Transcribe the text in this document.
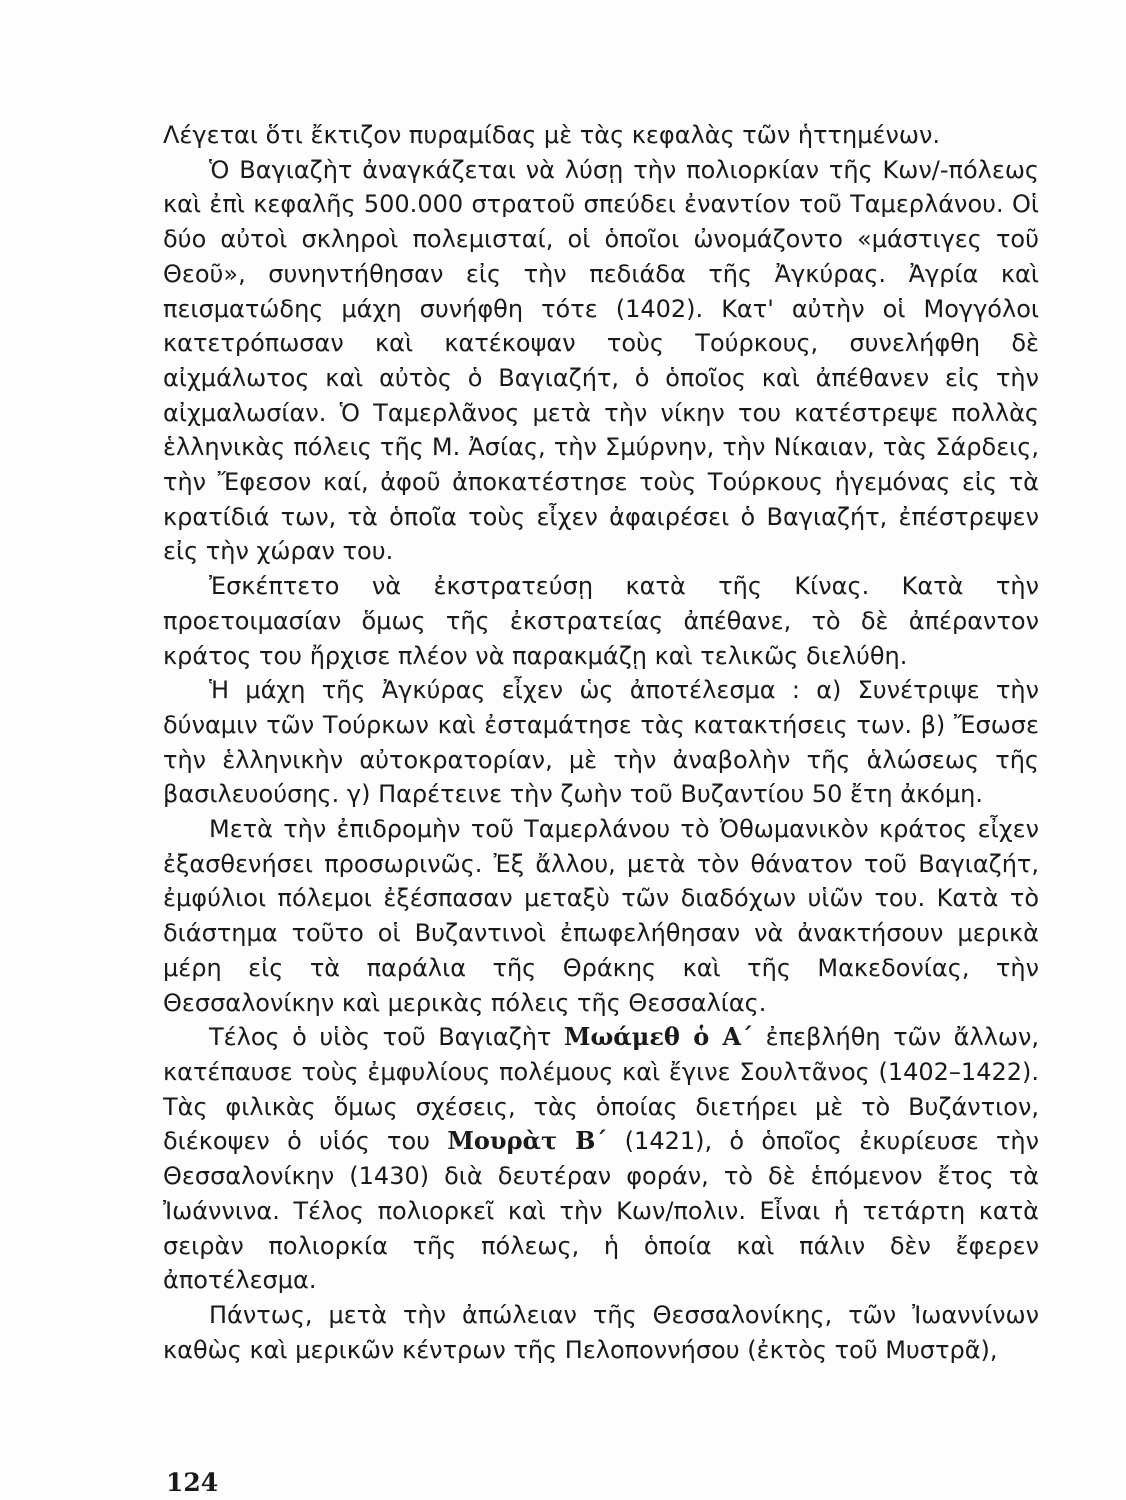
Λέγεται ὅτι ἔκτιζον πυραμίδας μὲ τὰς κεφαλὰς τῶν ἡττημένων.

Ὁ Βαγιαζὴτ ἀναγκάζεται νὰ λύσῃ τὴν πολιορκίαν τῆς Κων/-πόλεως καὶ ἐπὶ κεφαλῆς 500.000 στρατοῦ σπεύδει ἐναντίον τοῦ Ταμερλάνου. Οἱ δύο αὐτοὶ σκληροὶ πολεμισταί, οἱ ὁποῖοι ὠνομάζοντο «μάστιγες τοῦ Θεοῦ», συνηντήθησαν εἰς τὴν πεδιάδα τῆς Ἀγκύρας. Ἀγρία καὶ πεισματώδης μάχη συνήφθη τότε (1402). Κατ' αὐτὴν οἱ Μογγόλοι κατετρόπωσαν καὶ κατέκοψαν τοὺς Τούρκους, συνελήφθη δὲ αἰχμάλωτος καὶ αὐτὸς ὁ Βαγιαζήτ, ὁ ὁποῖος καὶ ἀπέθανεν εἰς τὴν αἰχμαλωσίαν. Ὁ Ταμερλᾶνος μετὰ τὴν νίκην του κατέστρεψε πολλὰς ἑλληνικὰς πόλεις τῆς Μ. Ἀσίας, τὴν Σμύρνην, τὴν Νίκαιαν, τὰς Σάρδεις, τὴν Ἔφεσον καί, ἀφοῦ ἀποκατέστησε τοὺς Τούρκους ἡγεμόνας εἰς τὰ κρατίδιά των, τὰ ὁποῖα τοὺς εἶχεν ἀφαιρέσει ὁ Βαγιαζήτ, ἐπέστρεψεν εἰς τὴν χώραν του.

Ἐσκέπτετο νὰ ἐκστρατεύσῃ κατὰ τῆς Κίνας. Κατὰ τὴν προετοιμασίαν ὅμως τῆς ἐκστρατείας ἀπέθανε, τὸ δὲ ἀπέραντον κράτος του ἤρχισε πλέον νὰ παρακμάζῃ καὶ τελικῶς διελύθη.

Ἡ μάχη τῆς Ἀγκύρας εἶχεν ὡς ἀποτέλεσμα : α) Συνέτριψε τὴν δύναμιν τῶν Τούρκων καὶ ἐσταμάτησε τὰς κατακτήσεις των. β) Ἔσωσε τὴν ἑλληνικὴν αὐτοκρατορίαν, μὲ τὴν ἀναβολὴν τῆς ἁλώσεως τῆς βασιλευούσης. γ) Παρέτεινε τὴν ζωὴν τοῦ Βυζαντίου 50 ἔτη ἀκόμη.

Μετὰ τὴν ἐπιδρομὴν τοῦ Ταμερλάνου τὸ Ὀθωμανικὸν κράτος εἶχεν ἐξασθενήσει προσωρινῶς. Ἐξ ἄλλου, μετὰ τὸν θάνατον τοῦ Βαγιαζήτ, ἐμφύλιοι πόλεμοι ἐξέσπασαν μεταξὺ τῶν διαδόχων υἱῶν του. Κατὰ τὸ διάστημα τοῦτο οἱ Βυζαντινοὶ ἐπωφελήθησαν νὰ ἀνακτήσουν μερικὰ μέρη εἰς τὰ παράλια τῆς Θράκης καὶ τῆς Μακεδονίας, τὴν Θεσσαλονίκην καὶ μερικὰς πόλεις τῆς Θεσσαλίας.

Τέλος ὁ υἱὸς τοῦ Βαγιαζὴτ Μωάμεθ ὁ Α΄ ἐπεβλήθη τῶν ἄλλων, κατέπαυσε τοὺς ἐμφυλίους πολέμους καὶ ἔγινε Σουλτᾶνος (1402–1422). Τὰς φιλικὰς ὅμως σχέσεις, τὰς ὁποίας διετήρει μὲ τὸ Βυζάντιον, διέκοψεν ὁ υἱός του Μουρὰτ Β΄ (1421), ὁ ὁποῖος ἐκυρίευσε τὴν Θεσσαλονίκην (1430) διὰ δευτέραν φοράν, τὸ δὲ ἑπόμενον ἔτος τὰ Ἰωάννινα. Τέλος πολιορκεῖ καὶ τὴν Κων/πολιν. Εἶναι ἡ τετάρτη κατὰ σειρὰν πολιορκία τῆς πόλεως, ἡ ὁποία καὶ πάλιν δὲν ἔφερεν ἀποτέλεσμα.

Πάντως, μετὰ τὴν ἀπώλειαν τῆς Θεσσαλονίκης, τῶν Ἰωαννίνων καθὼς καὶ μερικῶν κέντρων τῆς Πελοποννήσου (ἐκτὸς τοῦ Μυστρᾶ),

124
